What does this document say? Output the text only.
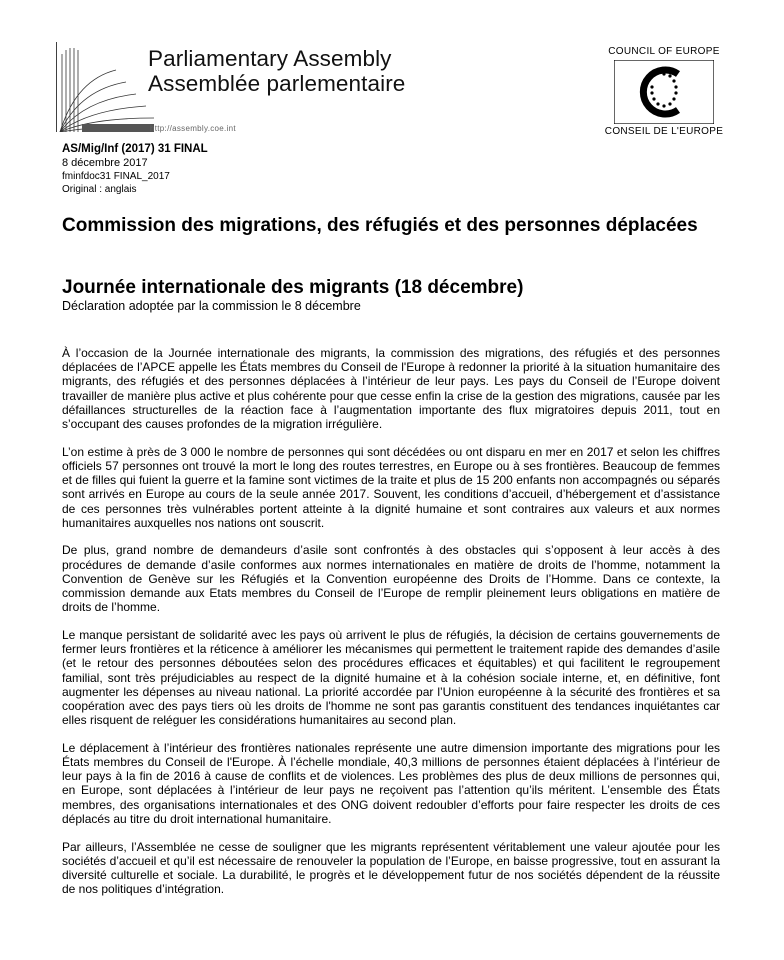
Parliamentary Assembly
Assemblée parlementaire
http://assembly.coe.int
COUNCIL OF EUROPE
CONSEIL DE L'EUROPE
AS/Mig/Inf (2017) 31 FINAL
8 décembre 2017
fminfdoc31 FINAL_2017
Original : anglais
Commission des migrations, des réfugiés et des personnes déplacées
Journée internationale des migrants (18 décembre)
Déclaration adoptée par la commission le 8 décembre

À l’occasion de la Journée internationale des migrants, la commission des migrations, des réfugiés et des personnes déplacées de l’APCE appelle les États membres du Conseil de l'Europe à redonner la priorité à la situation humanitaire des migrants, des réfugiés et des personnes déplacées à l’intérieur de leur pays. Les pays du Conseil de l’Europe doivent travailler de manière plus active et plus cohérente pour que cesse enfin la crise de la gestion des migrations, causée par les défaillances structurelles de la réaction face à l’augmentation importante des flux migratoires depuis 2011, tout en s’occupant des causes profondes de la migration irrégulière.

L’on estime à près de 3 000 le nombre de personnes qui sont décédées ou ont disparu en mer en 2017 et selon les chiffres officiels 57 personnes ont trouvé la mort le long des routes terrestres, en Europe ou à ses frontières. Beaucoup de femmes et de filles qui fuient la guerre et la famine sont victimes de la traite et plus de 15 200 enfants non accompagnés ou séparés sont arrivés en Europe au cours de la seule année 2017. Souvent, les conditions d’accueil, d’hébergement et d’assistance de ces personnes très vulnérables portent atteinte à la dignité humaine et sont contraires aux valeurs et aux normes humanitaires auxquelles nos nations ont souscrit.

De plus, grand nombre de demandeurs d’asile sont confrontés à des obstacles qui s’opposent à leur accès à des procédures de demande d’asile conformes aux normes internationales en matière de droits de l’homme, notamment la Convention de Genève sur les Réfugiés et la Convention européenne des Droits de l’Homme. Dans ce contexte, la commission demande aux Etats membres du Conseil de l’Europe de remplir pleinement leurs obligations en matière de droits de l’homme.

Le manque persistant de solidarité avec les pays où arrivent le plus de réfugiés, la décision de certains gouvernements de fermer leurs frontières et la réticence à améliorer les mécanismes qui permettent le traitement rapide des demandes d’asile (et le retour des personnes déboutées selon des procédures efficaces et équitables) et qui facilitent le regroupement familial, sont très préjudiciables au respect de la dignité humaine et à la cohésion sociale interne, et, en définitive, font augmenter les dépenses au niveau national. La priorité accordée par l’Union européenne à la sécurité des frontières et sa coopération avec des pays tiers où les droits de l'homme ne sont pas garantis constituent des tendances inquiétantes car elles risquent de reléguer les considérations humanitaires au second plan.

Le déplacement à l’intérieur des frontières nationales représente une autre dimension importante des migrations pour les États membres du Conseil de l'Europe. À l’échelle mondiale, 40,3 millions de personnes étaient déplacées à l’intérieur de leur pays à la fin de 2016 à cause de conflits et de violences. Les problèmes des plus de deux millions de personnes qui, en Europe, sont déplacées à l’intérieur de leur pays ne reçoivent pas l’attention qu’ils méritent. L’ensemble des États membres, des organisations internationales et des ONG doivent redoubler d’efforts pour faire respecter les droits de ces déplacés au titre du droit international humanitaire.

Par ailleurs, l’Assemblée ne cesse de souligner que les migrants représentent véritablement une valeur ajoutée pour les sociétés d’accueil et qu’il est nécessaire de renouveler la population de l’Europe, en baisse progressive, tout en assurant la diversité culturelle et sociale. La durabilité, le progrès et le développement futur de nos sociétés dépendent de la réussite de nos politiques d’intégration.
